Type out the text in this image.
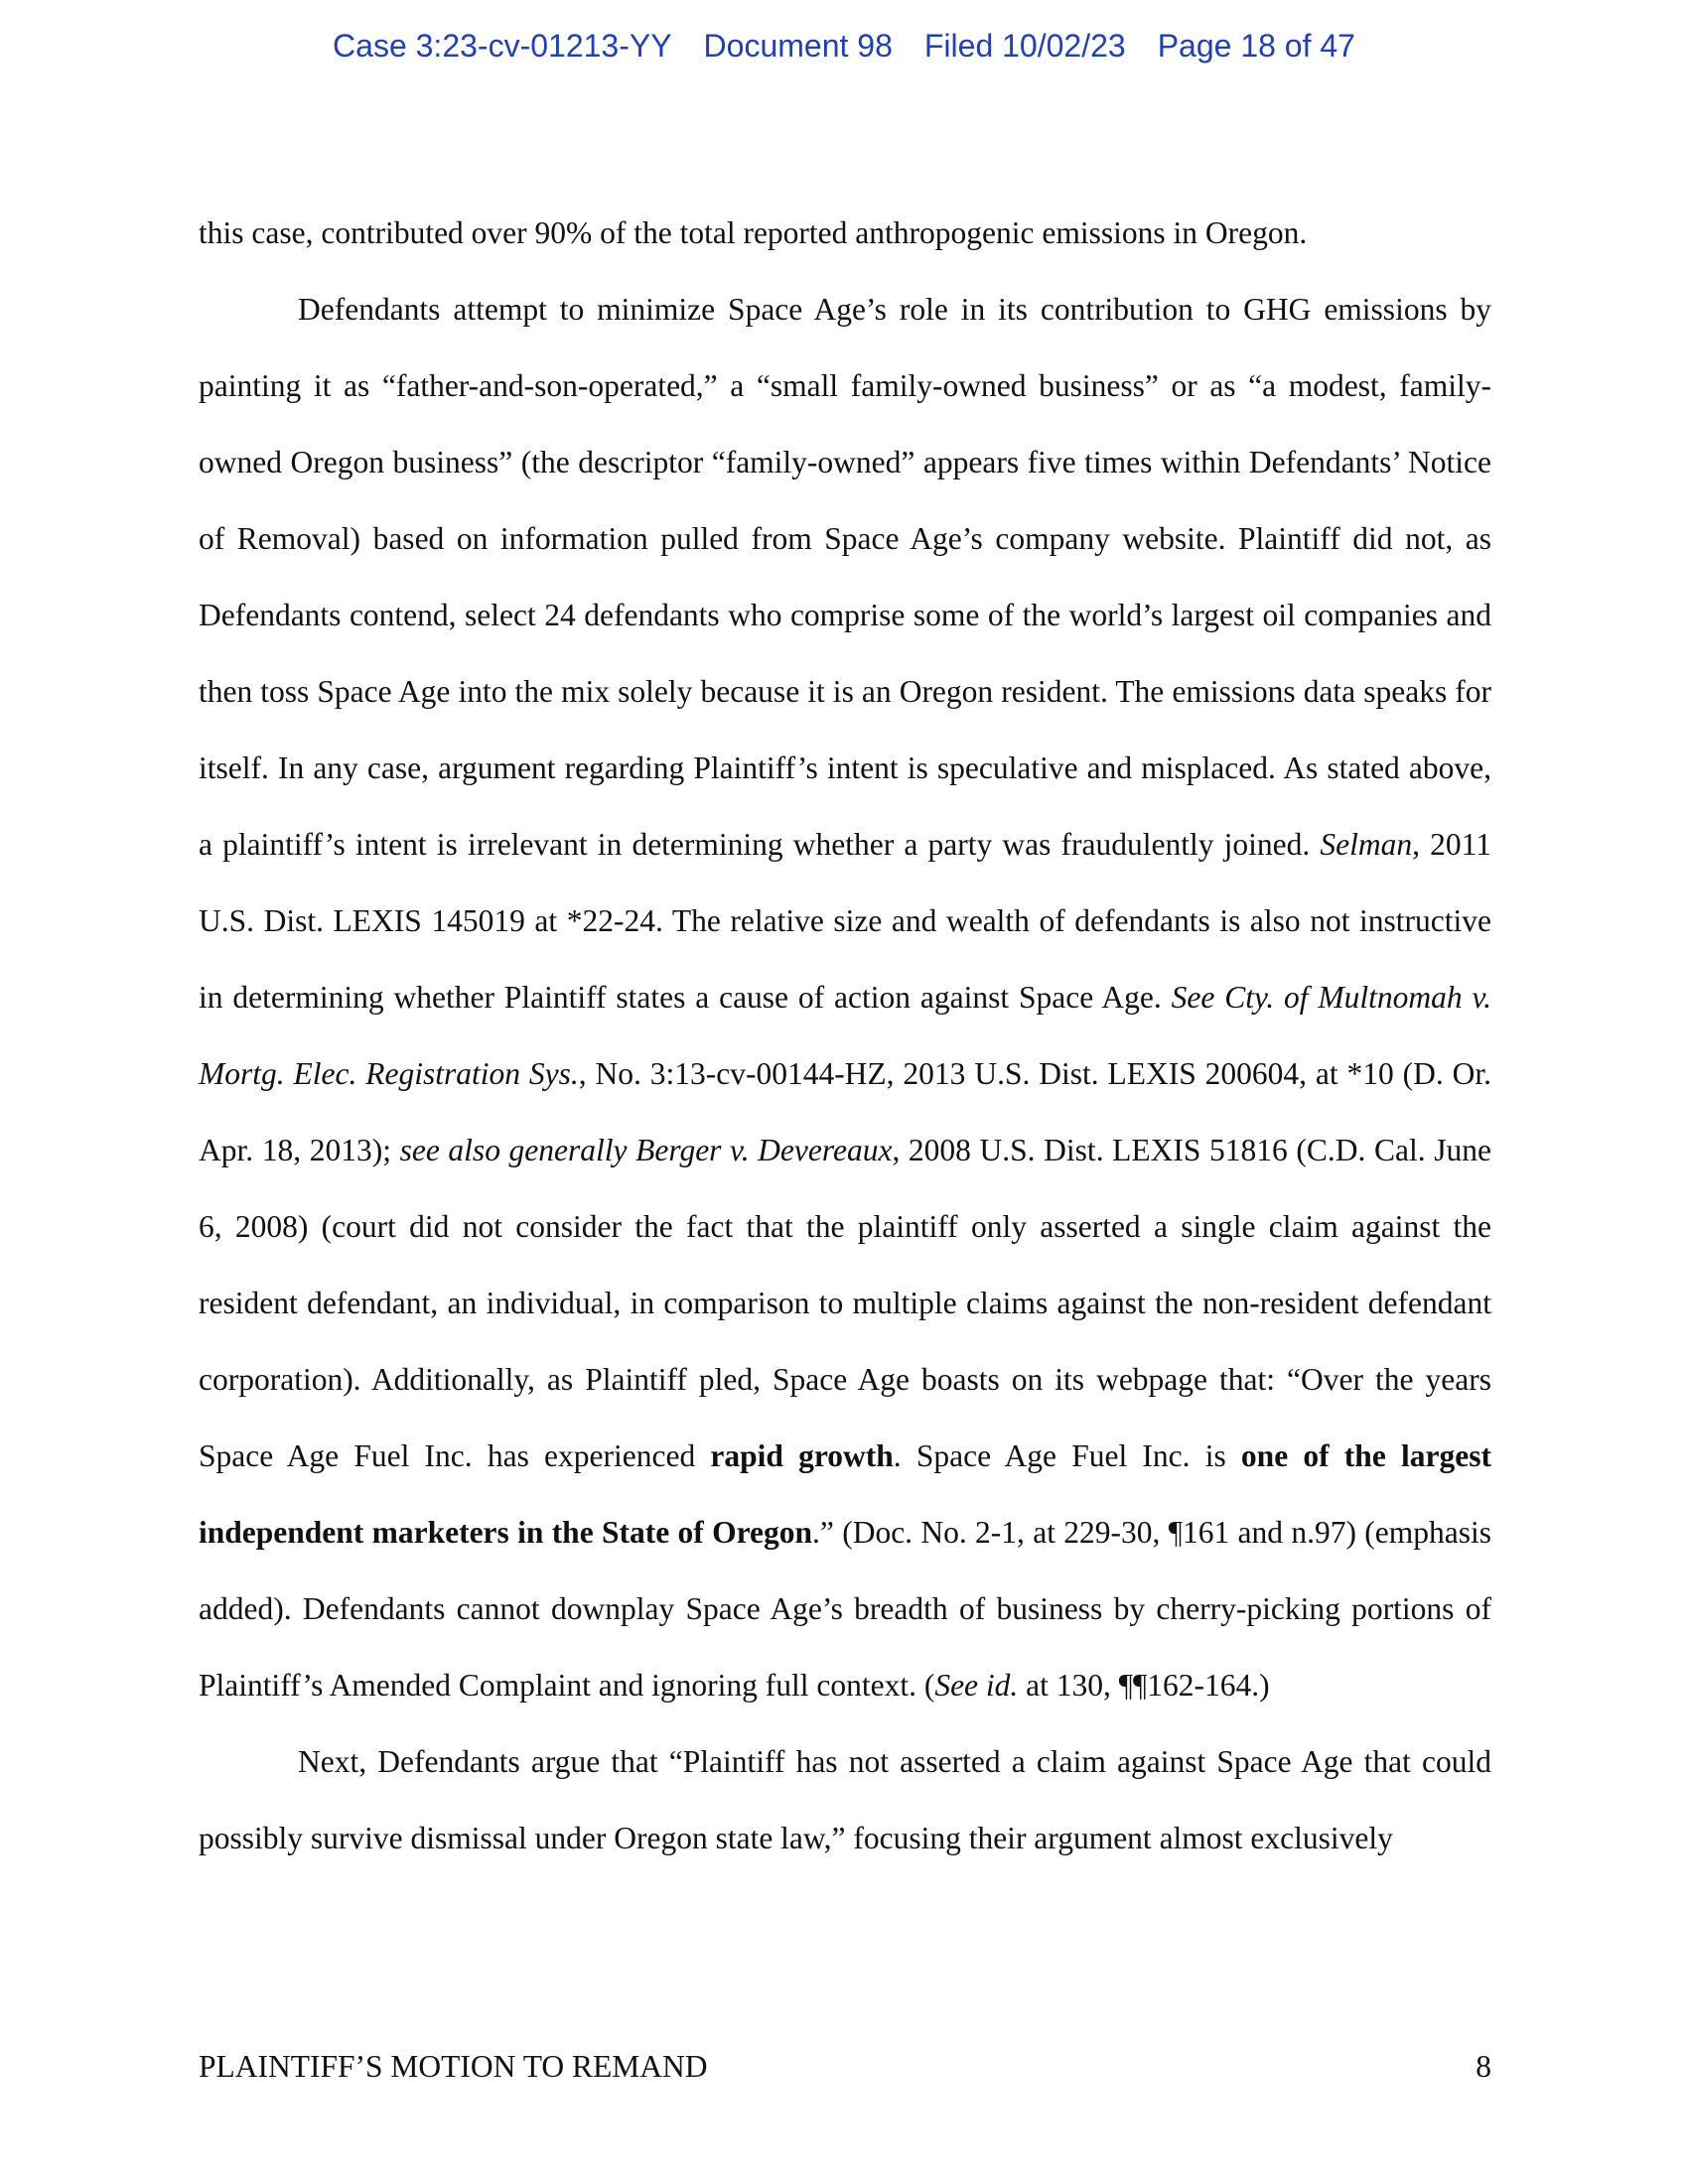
Case 3:23-cv-01213-YY Document 98 Filed 10/02/23 Page 18 of 47

this case, contributed over 90% of the total reported anthropogenic emissions in Oregon.

Defendants attempt to minimize Space Age’s role in its contribution to GHG emissions by painting it as “father-and-son-operated,” a “small family-owned business” or as “a modest, family-owned Oregon business” (the descriptor “family-owned” appears five times within Defendants’ Notice of Removal) based on information pulled from Space Age’s company website. Plaintiff did not, as Defendants contend, select 24 defendants who comprise some of the world’s largest oil companies and then toss Space Age into the mix solely because it is an Oregon resident. The emissions data speaks for itself. In any case, argument regarding Plaintiff’s intent is speculative and misplaced. As stated above, a plaintiff’s intent is irrelevant in determining whether a party was fraudulently joined. Selman, 2011 U.S. Dist. LEXIS 145019 at *22-24. The relative size and wealth of defendants is also not instructive in determining whether Plaintiff states a cause of action against Space Age. See Cty. of Multnomah v. Mortg. Elec. Registration Sys., No. 3:13-cv-00144-HZ, 2013 U.S. Dist. LEXIS 200604, at *10 (D. Or. Apr. 18, 2013); see also generally Berger v. Devereaux, 2008 U.S. Dist. LEXIS 51816 (C.D. Cal. June 6, 2008) (court did not consider the fact that the plaintiff only asserted a single claim against the resident defendant, an individual, in comparison to multiple claims against the non-resident defendant corporation). Additionally, as Plaintiff pled, Space Age boasts on its webpage that: “Over the years Space Age Fuel Inc. has experienced rapid growth. Space Age Fuel Inc. is one of the largest independent marketers in the State of Oregon.” (Doc. No. 2-1, at 229-30, ¶161 and n.97) (emphasis added). Defendants cannot downplay Space Age’s breadth of business by cherry-picking portions of Plaintiff’s Amended Complaint and ignoring full context. (See id. at 130, ¶¶162-164.)

Next, Defendants argue that “Plaintiff has not asserted a claim against Space Age that could possibly survive dismissal under Oregon state law,” focusing their argument almost exclusively

PLAINTIFF’S MOTION TO REMAND	8
